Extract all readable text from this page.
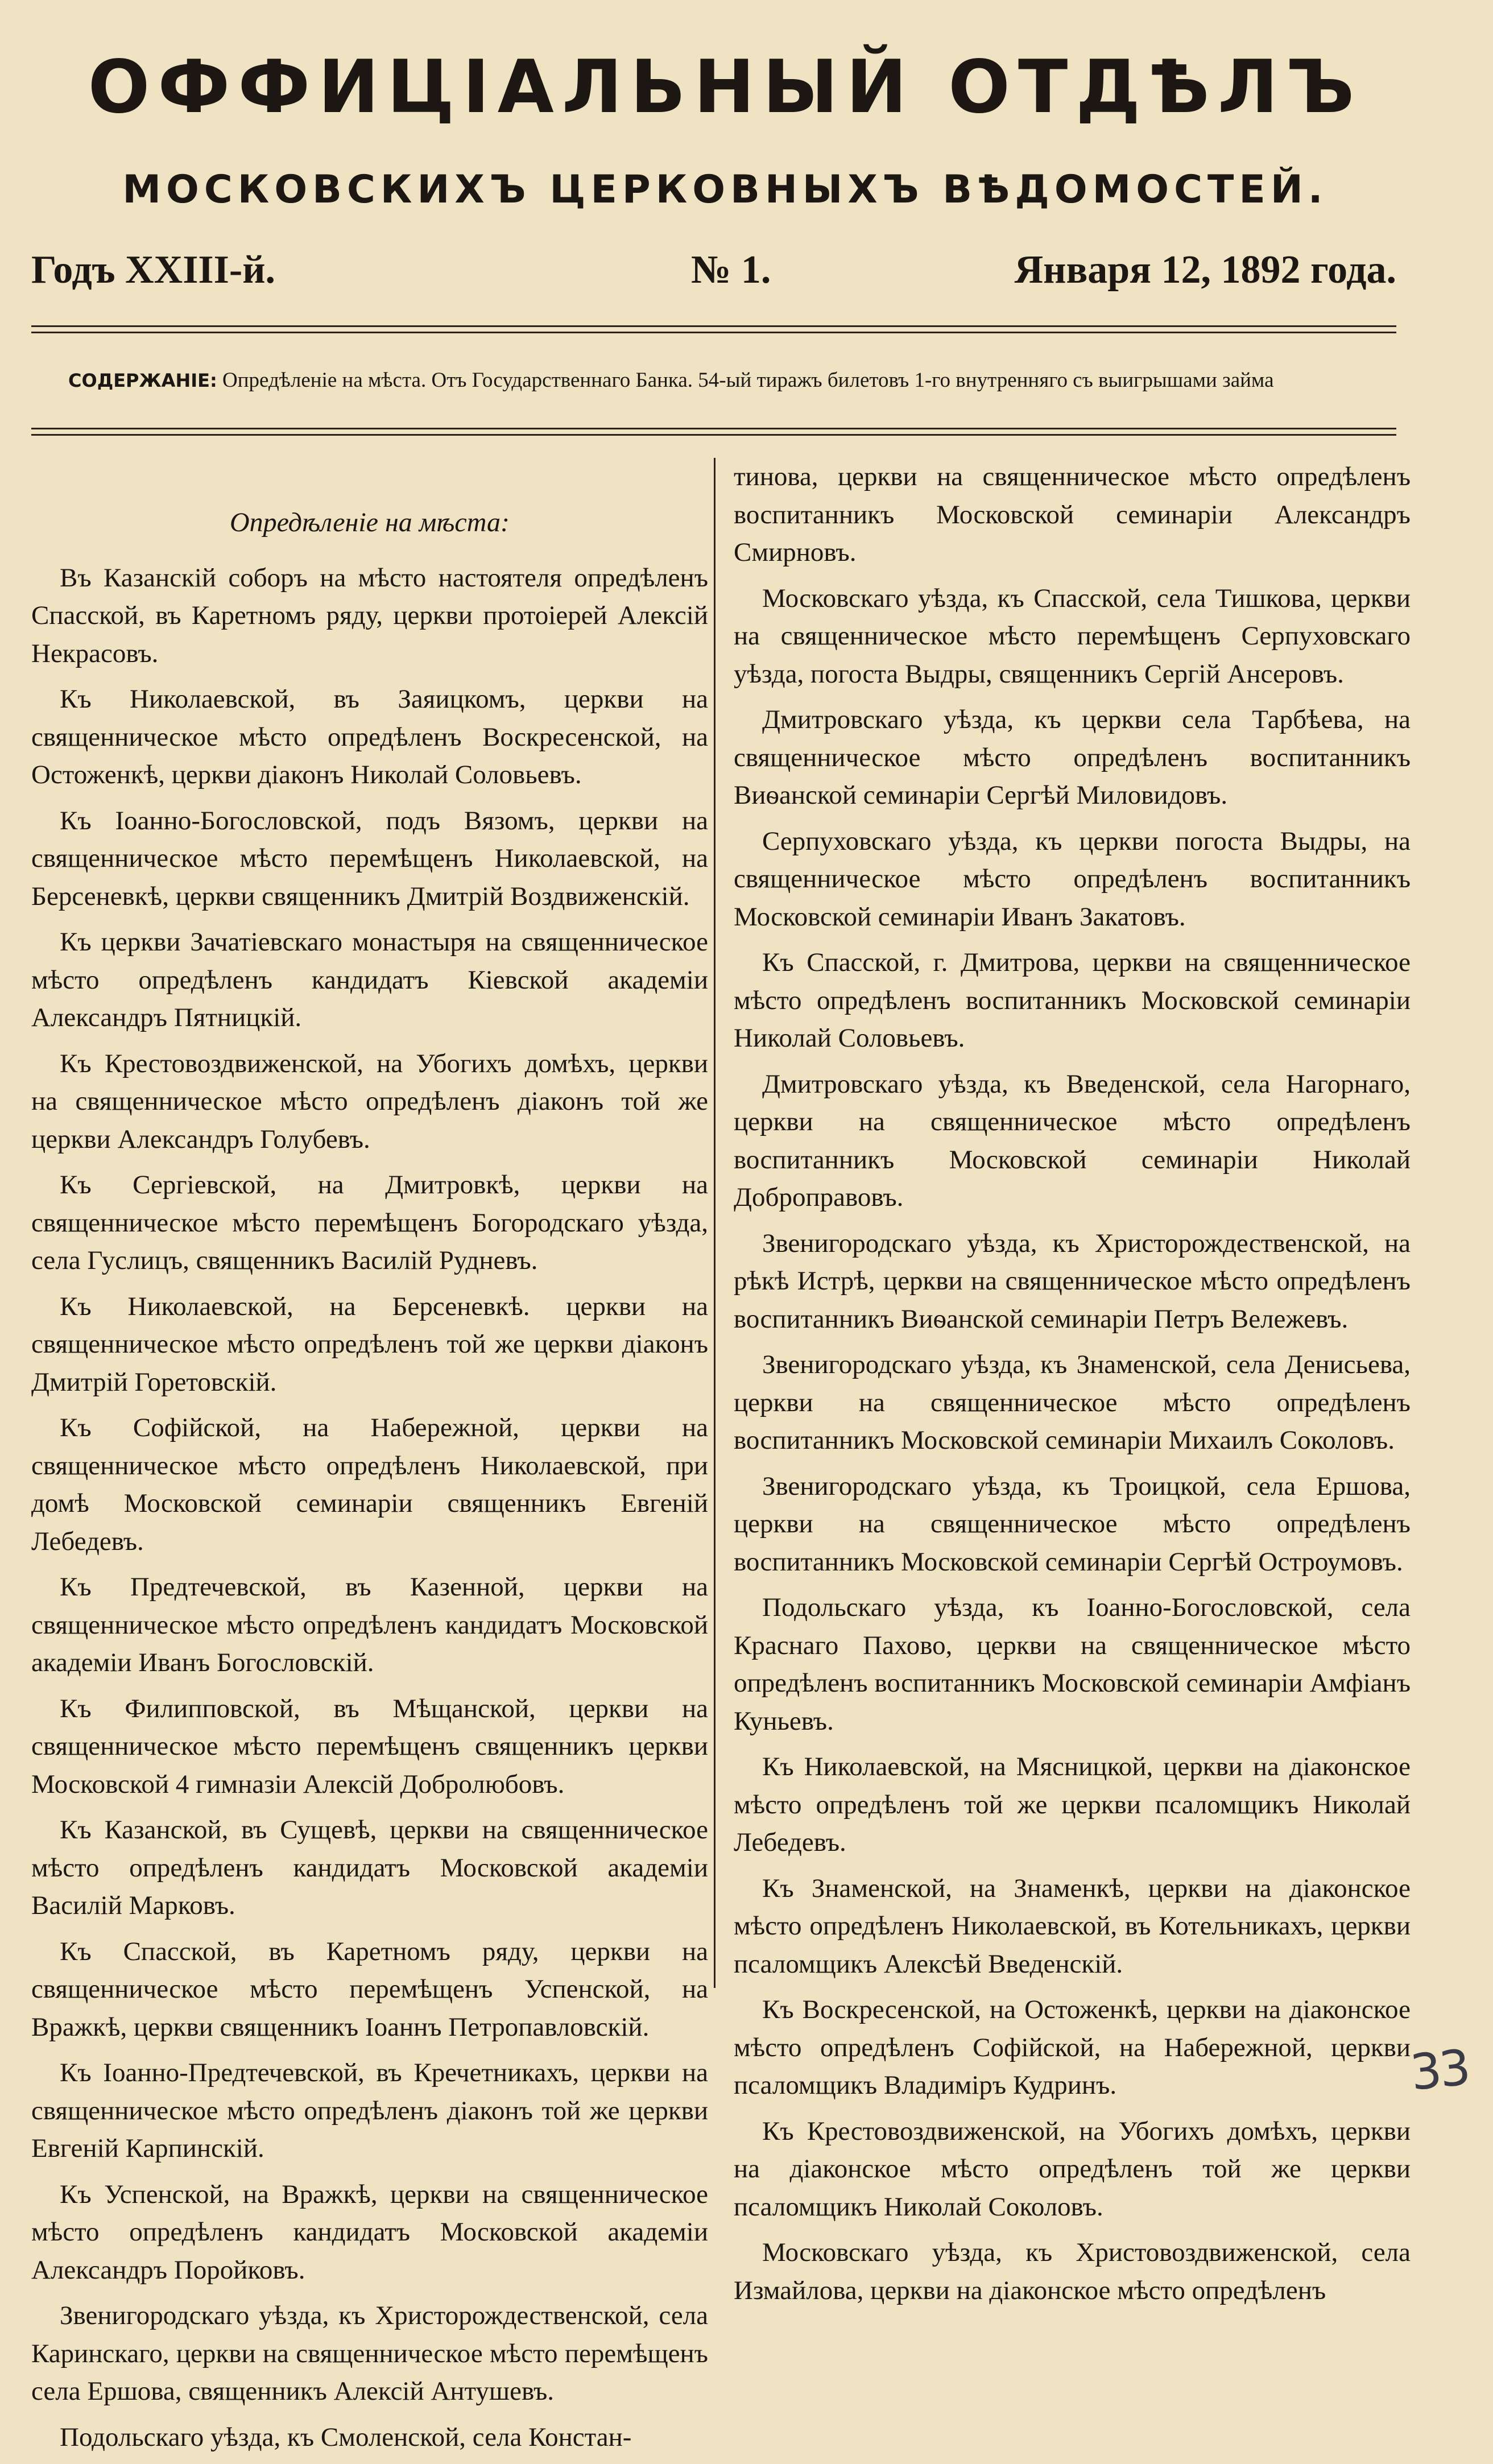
ОФФИЦІАЛЬНЫЙ ОТДѢЛЪ
МОСКОВСКИХЪ ЦЕРКОВНЫХЪ ВѢДОМОСТЕЙ.
Годъ XXIII-й.	№ 1.	Января 12, 1892 года.
СОДЕРЖАНІЕ: Опредѣленіе на мѣста. Отъ Государственнаго Банка. 54-ый тиражъ билетовъ 1-го внутренняго съ выигрышами займа
Опредѣленіе на мѣста:

Въ Казанскій соборъ на мѣсто настоятеля опредѣленъ Спасской, въ Каретномъ ряду, церкви протоіерей Алексій Некрасовъ.

Къ Николаевской, въ Заяицкомъ, церкви на священническое мѣсто опредѣленъ Воскресенской, на Остоженкѣ, церкви діаконъ Николай Соловьевъ.

Къ Іоанно-Богословской, подъ Вязомъ, церкви на священническое мѣсто перемѣщенъ Николаевской, на Берсеневкѣ, церкви священникъ Дмитрій Воздвиженскій.

Къ церкви Зачатіевскаго монастыря на священническое мѣсто опредѣленъ кандидатъ Кіевской академіи Александръ Пятницкій.

Къ Крестовоздвиженской, на Убогихъ домѣхъ, церкви на священническое мѣсто опредѣленъ діаконъ той же церкви Александръ Голубевъ.

Къ Сергіевской, на Дмитровкѣ, церкви на священническое мѣсто перемѣщенъ Богородскаго уѣзда, села Гуслицъ, священникъ Василій Рудневъ.

Къ Николаевской, на Берсеневкѣ. церкви на священническое мѣсто опредѣленъ той же церкви діаконъ Дмитрій Горетовскій.

Къ Софійской, на Набережной, церкви на священническое мѣсто опредѣленъ Николаевской, при домѣ Московской семинаріи священникъ Евгеній Лебедевъ.

Къ Предтечевской, въ Казенной, церкви на священническое мѣсто опредѣленъ кандидатъ Московской академіи Иванъ Богословскій.

Къ Филипповской, въ Мѣщанской, церкви на священническое мѣсто перемѣщенъ священникъ церкви Московской 4 гимназіи Алексій Добролюбовъ.

Къ Казанской, въ Сущевѣ, церкви на священническое мѣсто опредѣленъ кандидатъ Московской академіи Василій Марковъ.

Къ Спасской, въ Каретномъ ряду, церкви на священническое мѣсто перемѣщенъ Успенской, на Вражкѣ, церкви священникъ Іоаннъ Петропавловскій.

Къ Іоанно-Предтечевской, въ Кречетникахъ, церкви на священническое мѣсто опредѣленъ діаконъ той же церкви Евгеній Карпинскій.

Къ Успенской, на Вражкѣ, церкви на священническое мѣсто опредѣленъ кандидатъ Московской академіи Александръ Поройковъ.

Звенигородскаго уѣзда, къ Христорождественской, села Каринскаго, церкви на священническое мѣсто перемѣщенъ села Ершова, священникъ Алексій Антушевъ.

Подольскаго уѣзда, къ Смоленской, села Констан-

тинова, церкви на священническое мѣсто опредѣленъ воспитанникъ Московской семинаріи Александръ Смирновъ.

Московскаго уѣзда, къ Спасской, села Тишкова, церкви на священническое мѣсто перемѣщенъ Серпуховскаго уѣзда, погоста Выдры, священникъ Сергій Ансеровъ.

Дмитровскаго уѣзда, къ церкви села Тарбѣева, на священническое мѣсто опредѣленъ воспитанникъ Виѳанской семинаріи Сергѣй Миловидовъ.

Серпуховскаго уѣзда, къ церкви погоста Выдры, на священническое мѣсто опредѣленъ воспитанникъ Московской семинаріи Иванъ Закатовъ.

Къ Спасской, г. Дмитрова, церкви на священническое мѣсто опредѣленъ воспитанникъ Московской семинаріи Николай Соловьевъ.

Дмитровскаго уѣзда, къ Введенской, села Нагорнаго, церкви на священническое мѣсто опредѣленъ воспитанникъ Московской семинаріи Николай Доброправовъ.

Звенигородскаго уѣзда, къ Христорождественской, на рѣкѣ Истрѣ, церкви на священническое мѣсто опредѣленъ воспитанникъ Виѳанской семинаріи Петръ Вележевъ.

Звенигородскаго уѣзда, къ Знаменской, села Денисьева, церкви на священническое мѣсто опредѣленъ воспитанникъ Московской семинаріи Михаилъ Соколовъ.

Звенигородскаго уѣзда, къ Троицкой, села Ершова, церкви на священническое мѣсто опредѣленъ воспитанникъ Московской семинаріи Сергѣй Остроумовъ.

Подольскаго уѣзда, къ Іоанно-Богословской, села Краснаго Пахово, церкви на священническое мѣсто опредѣленъ воспитанникъ Московской семинаріи Амфіанъ Куньевъ.

Къ Николаевской, на Мясницкой, церкви на діаконское мѣсто опредѣленъ той же церкви псаломщикъ Николай Лебедевъ.

Къ Знаменской, на Знаменкѣ, церкви на діаконское мѣсто опредѣленъ Николаевской, въ Котельникахъ, церкви псаломщикъ Алексѣй Введенскій.

Къ Воскресенской, на Остоженкѣ, церкви на діаконское мѣсто опредѣленъ Софійской, на Набережной, церкви псаломщикъ Владиміръ Кудринъ.

Къ Крестовоздвиженской, на Убогихъ домѣхъ, церкви на діаконское мѣсто опредѣленъ той же церкви псаломщикъ Николай Соколовъ.

Московскаго уѣзда, къ Христовоздвиженской, села Измайлова, церкви на діаконское мѣсто опредѣленъ

33
